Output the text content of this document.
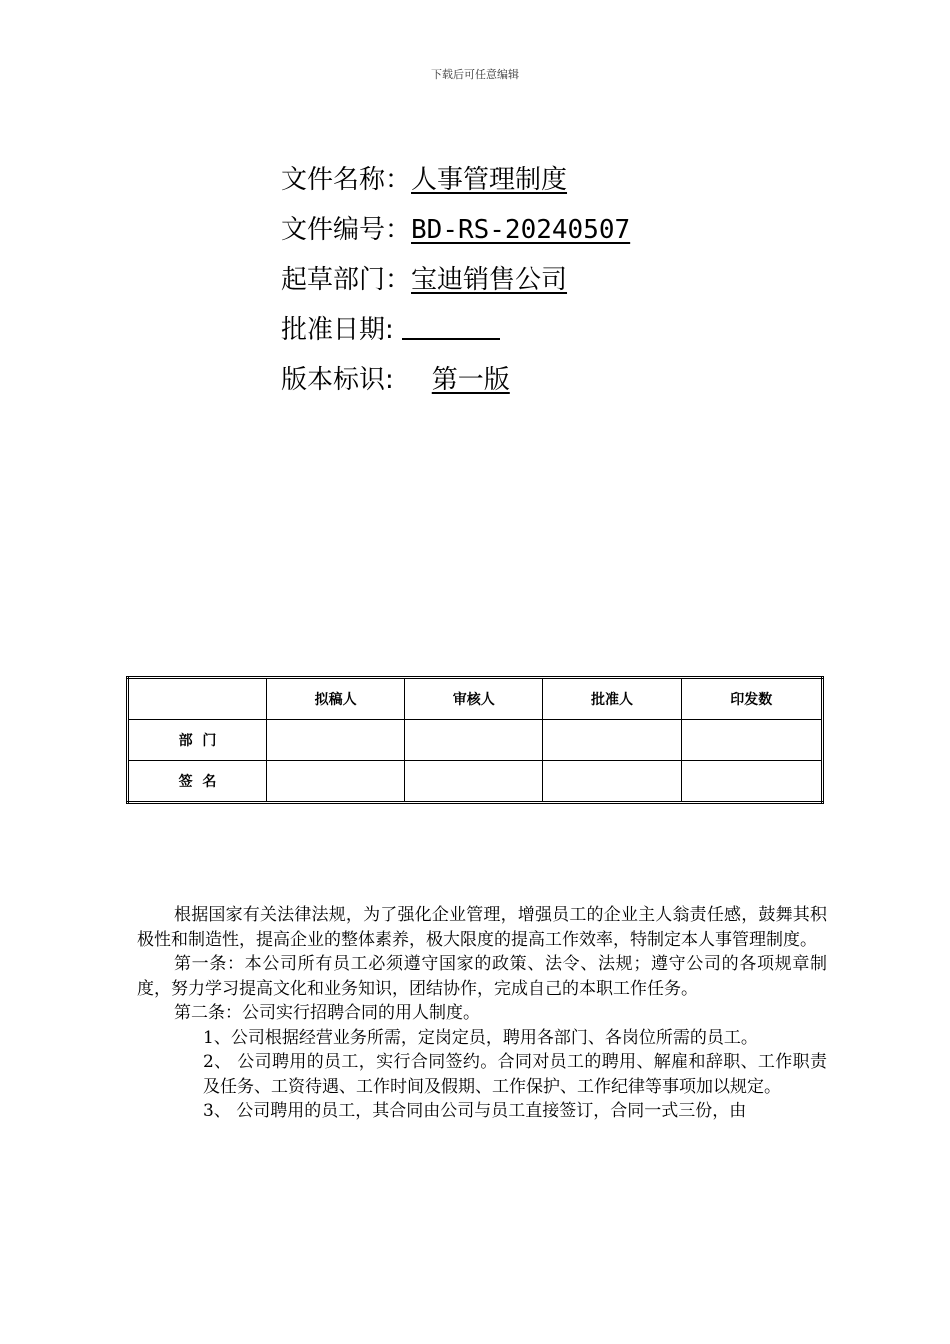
下载后可任意编辑
文件名称：人事管理制度
文件编号：BD-RS-20240507
起草部门：宝迪销售公司
批准日期:
版本标识: 第一版
	拟稿人	审核人	批准人	印发数
部  门				
签  名				

根据国家有关法律法规，为了强化企业管理，增强员工的企业主人翁责任感，鼓舞其积极性和制造性，提高企业的整体素养，极大限度的提高工作效率，特制定本人事管理制度。

第一条：本公司所有员工必须遵守国家的政策、法令、法规；遵守公司的各项规章制度，努力学习提高文化和业务知识，团结协作，完成自己的本职工作任务。

第二条：公司实行招聘合同的用人制度。

1、公司根据经营业务所需，定岗定员，聘用各部门、各岗位所需的员工。

2、 公司聘用的员工，实行合同签约。合同对员工的聘用、解雇和辞职、工作职责及任务、工资待遇、工作时间及假期、工作保护、工作纪律等事项加以规定。

3、 公司聘用的员工，其合同由公司与员工直接签订，合同一式三份，由
